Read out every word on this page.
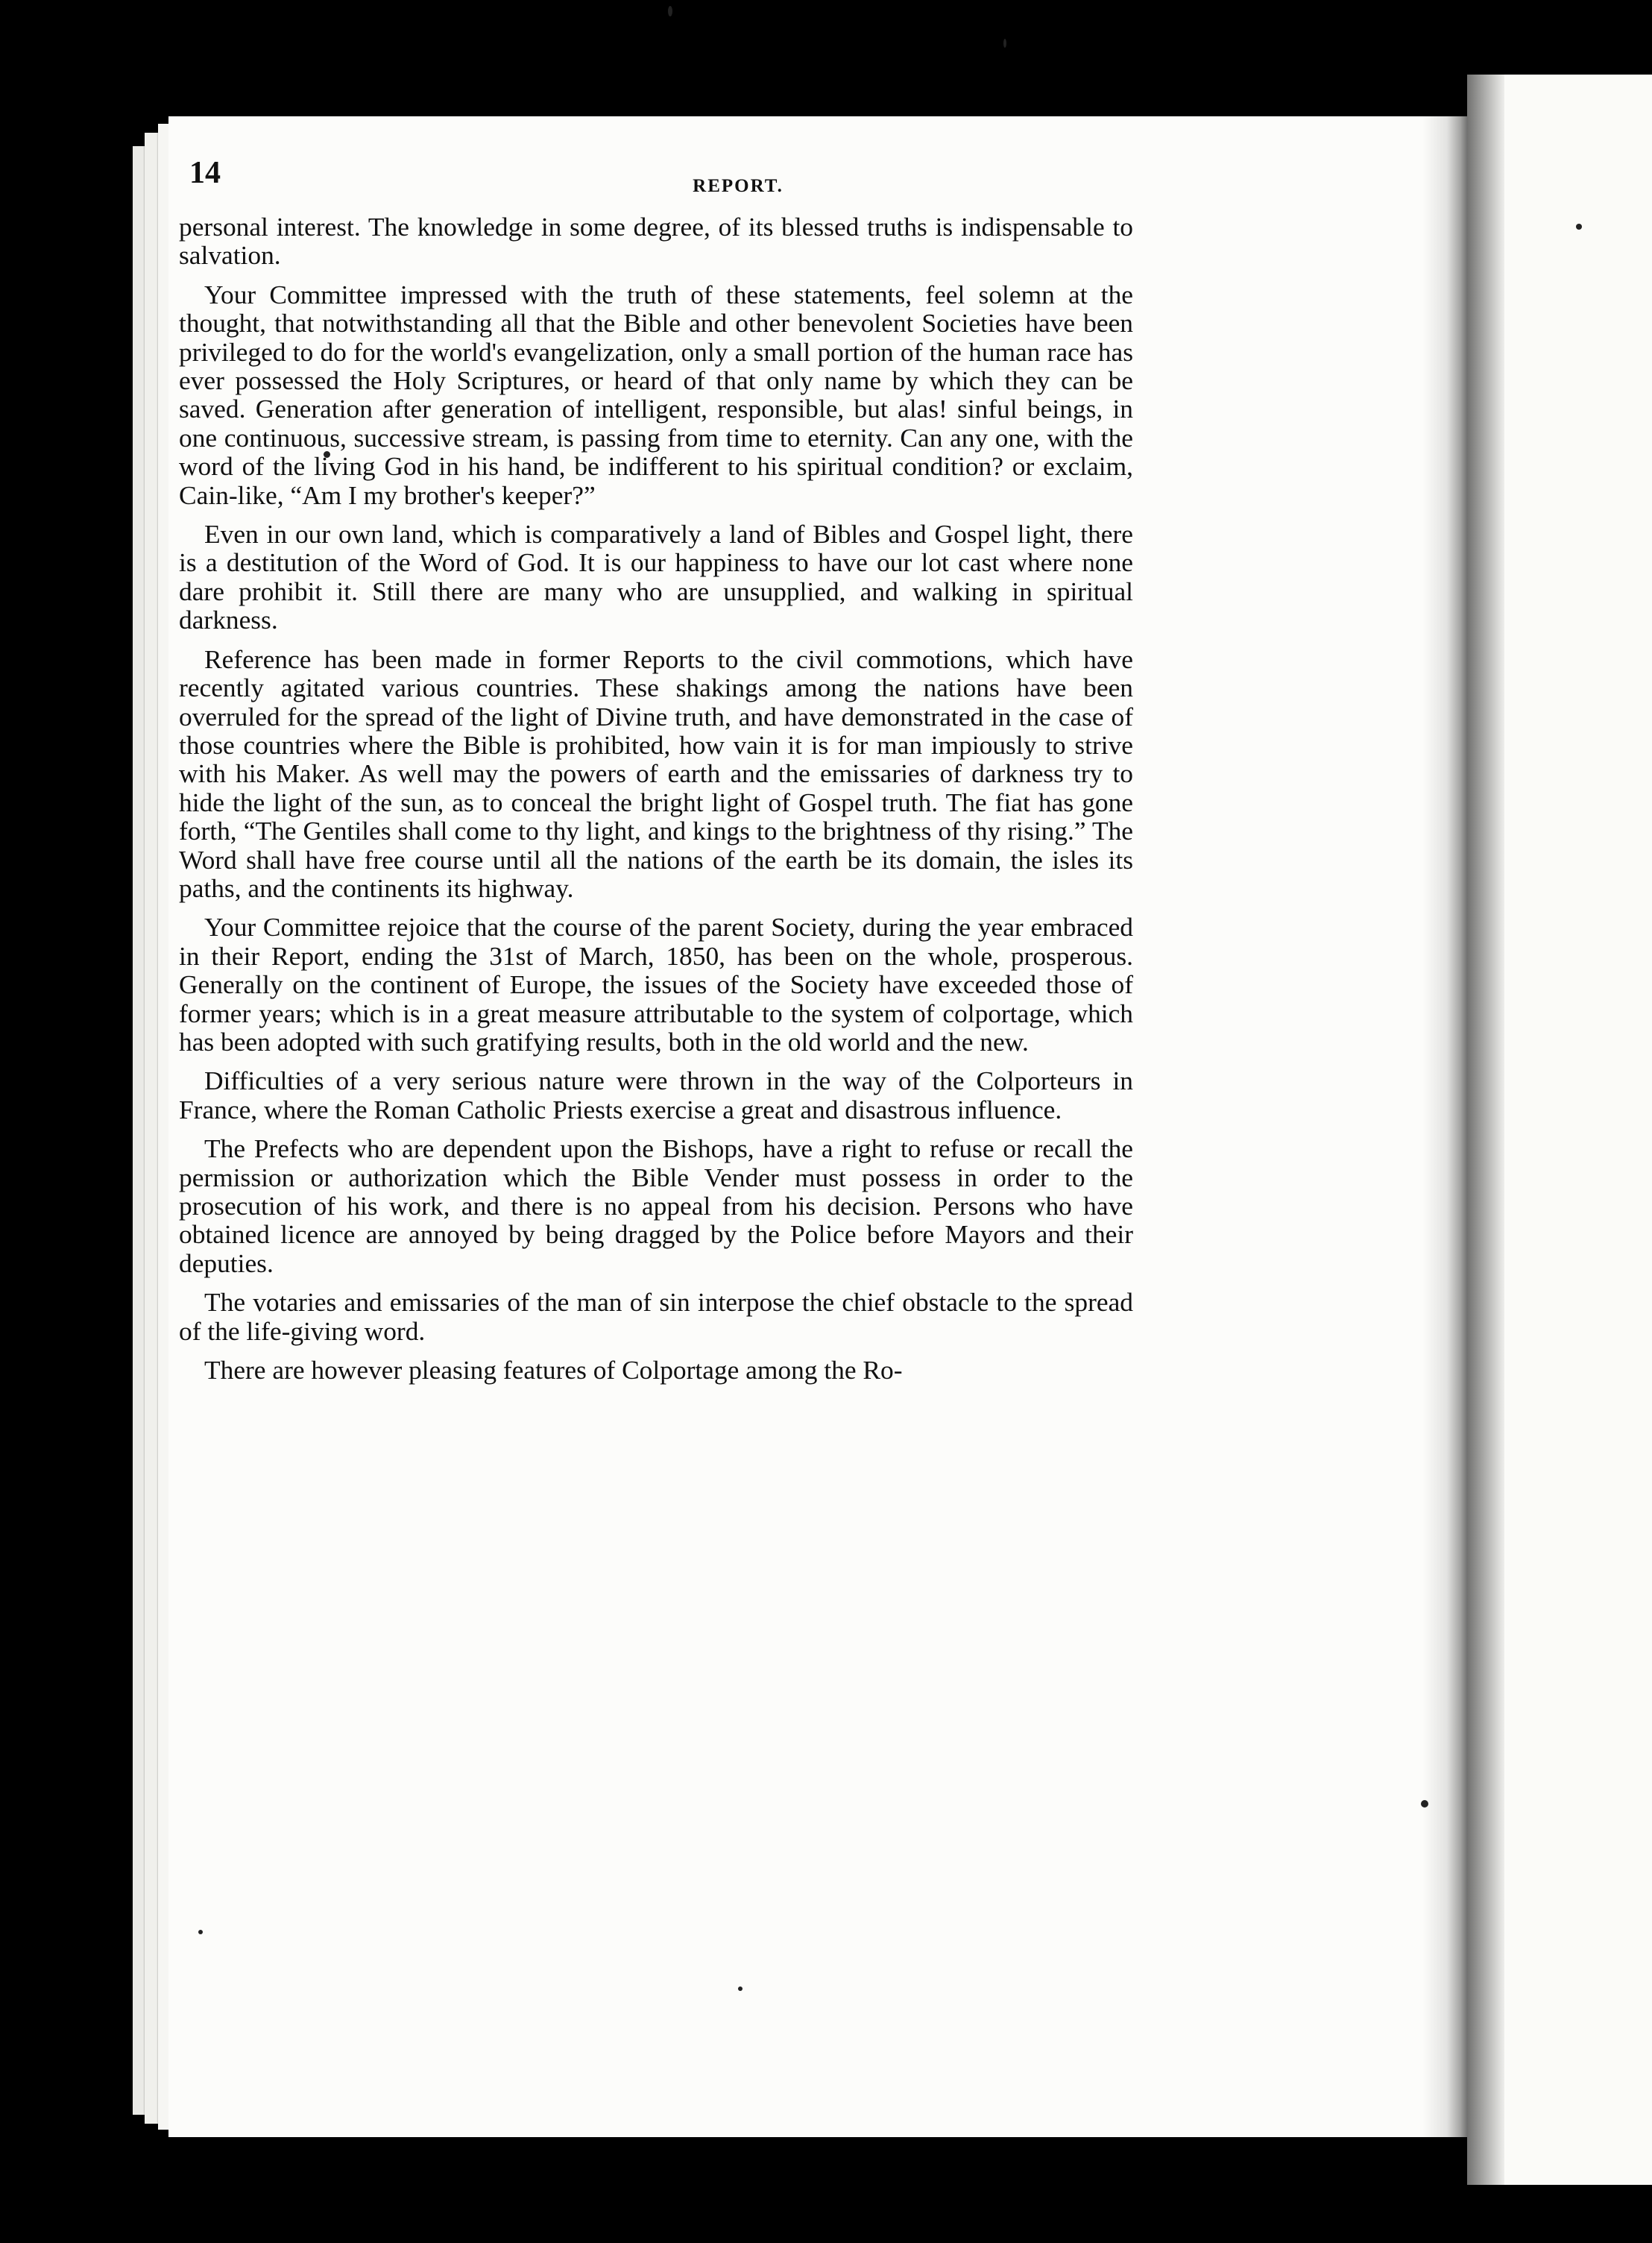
14	REPORT.

personal interest. The knowledge in some degree, of its blessed truths is indispensable to salvation.

Your Committee impressed with the truth of these statements, feel solemn at the thought, that notwithstanding all that the Bible and other benevolent Societies have been privileged to do for the world's evangelization, only a small portion of the human race has ever possessed the Holy Scriptures, or heard of that only name by which they can be saved. Generation after generation of intelligent, responsible, but alas! sinful beings, in one continuous, successive stream, is passing from time to eternity. Can any one, with the word of the living God in his hand, be indifferent to his spiritual condition? or exclaim, Cain-like, “Am I my brother's keeper?”

Even in our own land, which is comparatively a land of Bibles and Gospel light, there is a destitution of the Word of God. It is our happiness to have our lot cast where none dare prohibit it. Still there are many who are unsupplied, and walking in spiritual darkness.

Reference has been made in former Reports to the civil commotions, which have recently agitated various countries. These shakings among the nations have been overruled for the spread of the light of Divine truth, and have demonstrated in the case of those countries where the Bible is prohibited, how vain it is for man impiously to strive with his Maker. As well may the powers of earth and the emissaries of darkness try to hide the light of the sun, as to conceal the bright light of Gospel truth. The fiat has gone forth, “The Gentiles shall come to thy light, and kings to the brightness of thy rising.” The Word shall have free course until all the nations of the earth be its domain, the isles its paths, and the continents its highway.

Your Committee rejoice that the course of the parent Society, during the year embraced in their Report, ending the 31st of March, 1850, has been on the whole, prosperous. Generally on the continent of Europe, the issues of the Society have exceeded those of former years; which is in a great measure attributable to the system of colportage, which has been adopted with such gratifying results, both in the old world and the new.

Difficulties of a very serious nature were thrown in the way of the Colporteurs in France, where the Roman Catholic Priests exercise a great and disastrous influence.

The Prefects who are dependent upon the Bishops, have a right to refuse or recall the permission or authorization which the Bible Vender must possess in order to the prosecution of his work, and there is no appeal from his decision. Persons who have obtained licence are annoyed by being dragged by the Police before Mayors and their deputies.

The votaries and emissaries of the man of sin interpose the chief obstacle to the spread of the life-giving word.

There are however pleasing features of Colportage among the Ro-
